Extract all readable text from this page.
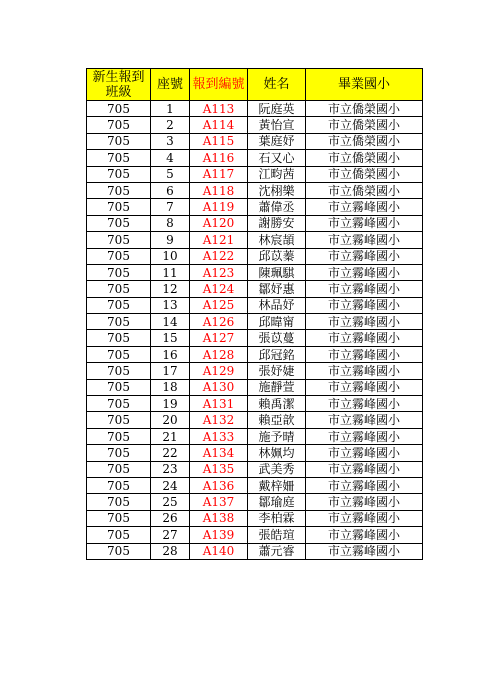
新生報到
班級	座號	報到編號	姓名	畢業國小
705	1	A113	阮庭英	市立僑榮國小
705	2	A114	黃怡宣	市立僑榮國小
705	3	A115	葉庭妤	市立僑榮國小
705	4	A116	石又心	市立僑榮國小
705	5	A117	江畇茜	市立僑榮國小
705	6	A118	沈栩樂	市立僑榮國小
705	7	A119	蕭偉丞	市立霧峰國小
705	8	A120	謝勝安	市立霧峰國小
705	9	A121	林宸頡	市立霧峰國小
705	10	A122	邱苡蓁	市立霧峰國小
705	11	A123	陳珮騏	市立霧峰國小
705	12	A124	鄒妤惠	市立霧峰國小
705	13	A125	林品妤	市立霧峰國小
705	14	A126	邱暐甯	市立霧峰國小
705	15	A127	張苡蔓	市立霧峰國小
705	16	A128	邱冠銘	市立霧峰國小
705	17	A129	張妤婕	市立霧峰國小
705	18	A130	施靜萱	市立霧峰國小
705	19	A131	賴禹潔	市立霧峰國小
705	20	A132	賴亞歆	市立霧峰國小
705	21	A133	施予晴	市立霧峰國小
705	22	A134	林姵均	市立霧峰國小
705	23	A135	武美秀	市立霧峰國小
705	24	A136	戴梓姍	市立霧峰國小
705	25	A137	鄒瑜庭	市立霧峰國小
705	26	A138	李柏霖	市立霧峰國小
705	27	A139	張皓瑄	市立霧峰國小
705	28	A140	蕭元睿	市立霧峰國小
